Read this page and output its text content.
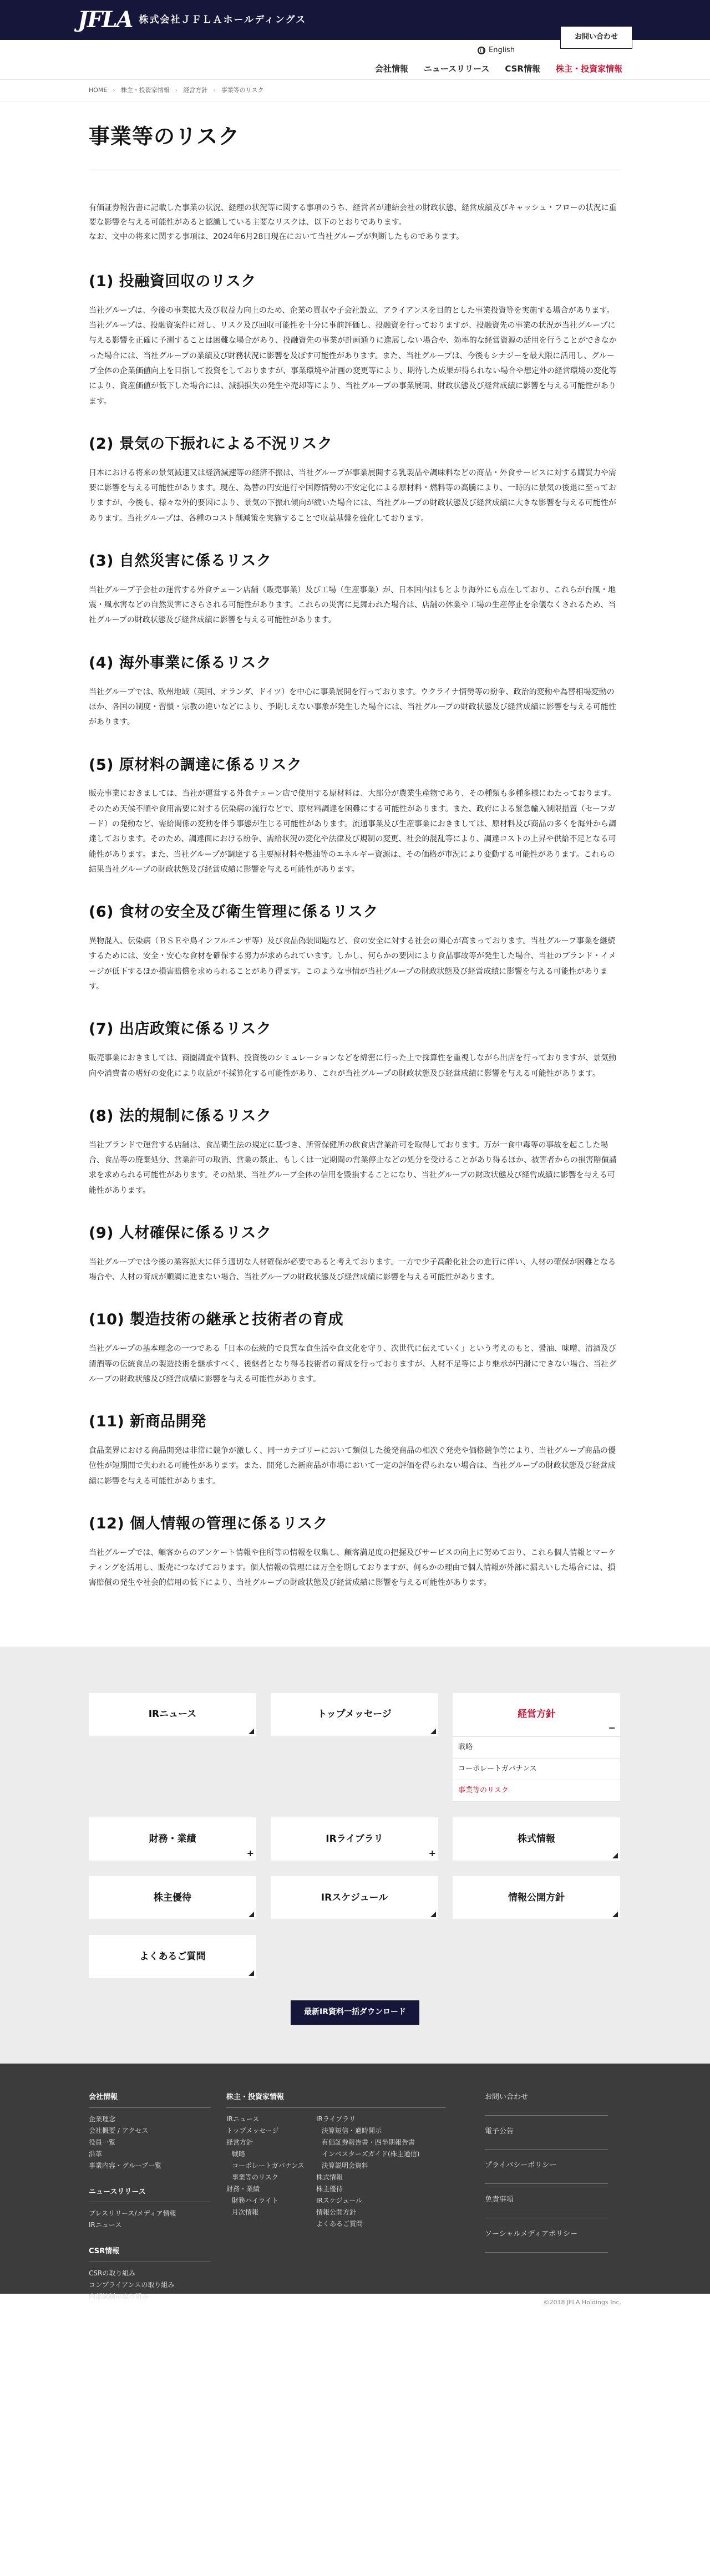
JFLA 株式会社ＪＦＬＡホールディングス
お問い合わせ
English
会社情報 ニュースリリース CSR情報 株主・投資家情報
HOME › 株主・投資家情報 › 経営方針 › 事業等のリスク
事業等のリスク

有価証券報告書に記載した事業の状況、経理の状況等に関する事項のうち、経営者が連結会社の財政状態、経営成績及びキャッシュ・フローの状況に重要な影響を与える可能性があると認識している主要なリスクは、以下のとおりであります。

なお、文中の将来に関する事項は、2024年6月28日現在において当社グループが判断したものであります。

(1) 投融資回収のリスク

当社グループは、今後の事業拡大及び収益力向上のため、企業の買収や子会社設立、アライアンスを目的とした事業投資等を実施する場合があります。当社グループは、投融資案件に対し、リスク及び回収可能性を十分に事前評価し、投融資を行っておりますが、投融資先の事業の状況が当社グループに与える影響を正確に予測することは困難な場合があり、投融資先の事業が計画通りに進展しない場合や、効率的な経営資源の活用を行うことができなかった場合には、当社グループの業績及び財務状況に影響を及ぼす可能性があります。また、当社グループは、今後もシナジーを最大限に活用し、グループ全体の企業価値向上を目指して投資をしておりますが、事業環境や計画の変更等により、期待した成果が得られない場合や想定外の経営環境の変化等により、資産価値が低下した場合には、減損損失の発生や売却等により、当社グループの事業展開、財政状態及び経営成績に影響を与える可能性があります。

(2) 景気の下振れによる不況リスク

日本における将来の景気減速又は経済減速等の経済不振は、当社グループが事業展開する乳製品や調味料などの商品・外食サービスに対する購買力や需要に影響を与える可能性があります。現在、為替の円安進行や国際情勢の不安定化による原材料・燃料等の高騰により、一時的に景気の後退に至っておりますが、今後も、様々な外的要因により、景気の下振れ傾向が続いた場合には、当社グループの財政状態及び経営成績に大きな影響を与える可能性があります。当社グループは、各種のコスト削減策を実施することで収益基盤を強化しております。

(3) 自然災害に係るリスク

当社グループ子会社の運営する外食チェーン店舗（販売事業）及び工場（生産事業）が、日本国内はもとより海外にも点在しており、これらが台風・地震・風水害などの自然災害にさらされる可能性があります。これらの災害に見舞われた場合は、店舗の休業や工場の生産停止を余儀なくされるため、当社グループの財政状態及び経営成績に影響を与える可能性があります。

(4) 海外事業に係るリスク

当社グループでは、欧州地域（英国、オランダ、ドイツ）を中心に事業展開を行っております。ウクライナ情勢等の紛争、政治的変動や為替相場変動のほか、各国の制度・習慣・宗教の違いなどにより、予期しえない事象が発生した場合には、当社グループの財政状態及び経営成績に影響を与える可能性があります。

(5) 原材料の調達に係るリスク

販売事業におきましては、当社が運営する外食チェーン店で使用する原材料は、大部分が農業生産物であり、その種類も多種多様にわたっております。そのため天候不順や食用需要に対する伝染病の流行などで、原材料調達を困難にする可能性があります。また、政府による緊急輸入制限措置（セーフガード）の発動など、需給関係の変動を伴う事態が生じる可能性があります。流通事業及び生産事業におきましては、原材料及び商品の多くを海外から調達しております。そのため、調達面における紛争、需給状況の変化や法律及び規制の変更、社会的混乱等により、調達コストの上昇や供給不足となる可能性があります。また、当社グループが調達する主要原材料や燃油等のエネルギー資源は、その価格が市況により変動する可能性があります。これらの結果当社グループの財政状態及び経営成績に影響を与える可能性があります。

(6) 食材の安全及び衛生管理に係るリスク

異物混入、伝染病（ＢＳＥや鳥インフルエンザ等）及び食品偽装問題など、食の安全に対する社会の関心が高まっております。当社グループ事業を継続するためには、安全・安心な食材を確保する努力が求められています。しかし、何らかの要因により食品事故等が発生した場合、当社のブランド・イメージが低下するほか損害賠償を求められることがあり得ます。このような事情が当社グループの財政状態及び経営成績に影響を与える可能性があります。

(7) 出店政策に係るリスク

販売事業におきましては、商圏調査や賃料、投資後のシミュレーションなどを綿密に行った上で採算性を重視しながら出店を行っておりますが、景気動向や消費者の嗜好の変化により収益が不採算化する可能性があり、これが当社グループの財政状態及び経営成績に影響を与える可能性があります。

(8) 法的規制に係るリスク

当社ブランドで運営する店舗は、食品衛生法の規定に基づき、所管保健所の飲食店営業許可を取得しております。万が一食中毒等の事故を起こした場合、食品等の廃棄処分、営業許可の取消、営業の禁止、もしくは一定期間の営業停止などの処分を受けることがあり得るほか、被害者からの損害賠償請求を求められる可能性があります。その結果、当社グループ全体の信用を毀損することになり、当社グループの財政状態及び経営成績に影響を与える可能性があります。

(9) 人材確保に係るリスク

当社グループでは今後の業容拡大に伴う適切な人材確保が必要であると考えております。一方で少子高齢化社会の進行に伴い、人材の確保が困難となる場合や、人材の育成が順調に進まない場合、当社グループの財政状態及び経営成績に影響を与える可能性があります。

(10) 製造技術の継承と技術者の育成

当社グループの基本理念の一つである「日本の伝統的で良質な食生活や食文化を守り、次世代に伝えていく」という考えのもと、醤油、味噌、清酒及び清酒等の伝統食品の製造技術を継承すべく、後継者となり得る技術者の育成を行っておりますが、人材不足等により継承が円滑にできない場合、当社グループの財政状態及び経営成績に影響を与える可能性があります。

(11) 新商品開発

食品業界における商品開発は非常に競争が激しく、同一カテゴリーにおいて類似した後発商品の相次ぐ発売や価格競争等により、当社グループ商品の優位性が短期間で失われる可能性があります。また、開発した新商品が市場において一定の評価を得られない場合は、当社グループの財政状態及び経営成績に影響を与える可能性があります。

(12) 個人情報の管理に係るリスク

当社グループでは、顧客からのアンケート情報や住所等の情報を収集し、顧客満足度の把握及びサービスの向上に努めており、これら個人情報とマーケティングを活用し、販売につなげております。個人情報の管理には万全を期しておりますが、何らかの理由で個人情報が外部に漏えいした場合には、損害賠償の発生や社会的信用の低下により、当社グループの財政状態及び経営成績に影響を与える可能性があります。

IRニュース	トップメッセージ	経営方針
−
戦略
コーポレートガバナンス
事業等のリスク
財務・業績
+
IRライブラリ
+
株式情報
株主優待	IRスケジュール	情報公開方針
よくあるご質問
最新IR資料一括ダウンロード
会社情報
企業理念
会社概要 / アクセス
役員一覧
沿革
事業内容・グループ一覧
ニュースリリース
プレスリリース/メディア情報
IRニュース
CSR情報
CSRの取り組み
コンプライアンスの取り組み
内部統制の取り組み
株主・投資家情報
IRニュース
トップメッセージ
経営方針
戦略
コーポレートガバナンス
事業等のリスク
財務・業績
財務ハイライト
月次情報

IRライブラリ
決算短信・適時開示
有価証券報告書・四半期報告書
インベスターズガイド(株主通信)
決算説明会資料
株式情報
株主優待
IRスケジュール
情報公開方針
よくあるご質問
お問い合わせ
電子公告
プライバシーポリシー
免責事項
ソーシャルメディアポリシー
©2018 JFLA Holdings Inc.
